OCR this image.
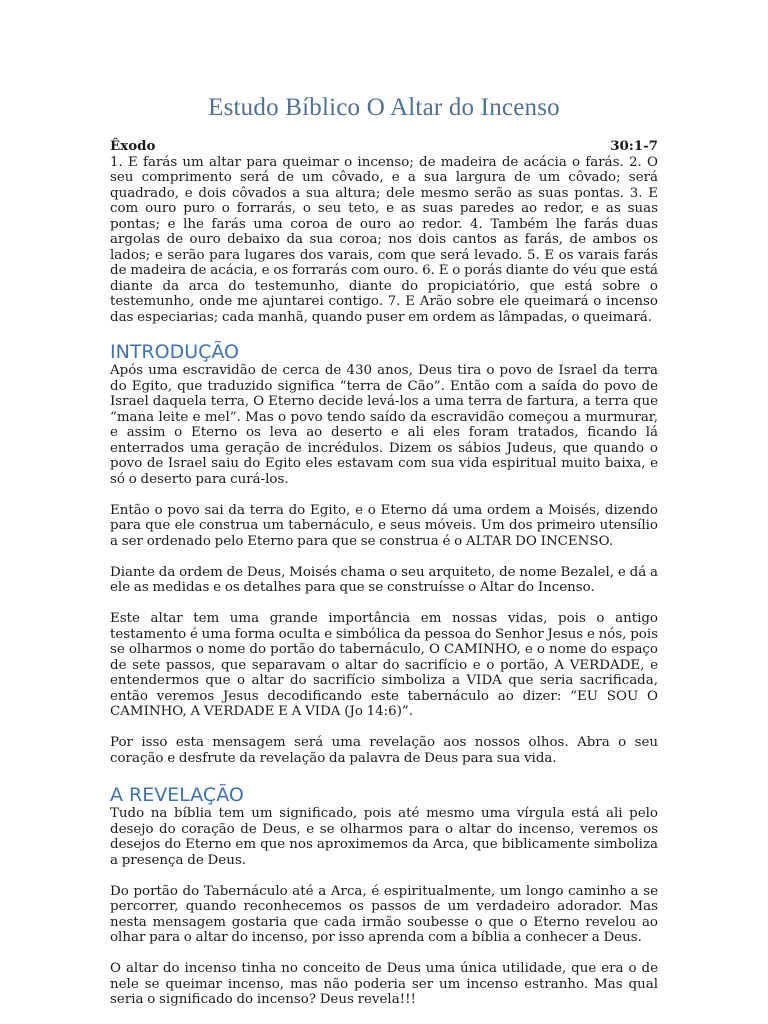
Estudo Bíblico O Altar do Incenso
Êxodo	30:1-7

1. E farás um altar para queimar o incenso; de madeira de acácia o farás. 2. O seu comprimento será de um côvado, e a sua largura de um côvado; será quadrado, e dois côvados a sua altura; dele mesmo serão as suas pontas. 3. E com ouro puro o forrarás, o seu teto, e as suas paredes ao redor, e as suas pontas; e lhe farás uma coroa de ouro ao redor. 4. Também lhe farás duas argolas de ouro debaixo da sua coroa; nos dois cantos as farás, de ambos os lados; e serão para lugares dos varais, com que será levado. 5. E os varais farás de madeira de acácia, e os forrarás com ouro. 6. E o porás diante do véu que está diante da arca do testemunho, diante do propiciatório, que está sobre o testemunho, onde me ajuntarei contigo. 7. E Arão sobre ele queimará o incenso das especiarias; cada manhã, quando puser em ordem as lâmpadas, o queimará.

INTRODUÇÃO

Após uma escravidão de cerca de 430 anos, Deus tira o povo de Israel da terra do Egito, que traduzido significa “terra de Cão”. Então com a saída do povo de Israel daquela terra, O Eterno decide levá-los a uma terra de fartura, a terra que “mana leite e mel”. Mas o povo tendo saído da escravidão começou a murmurar, e assim o Eterno os leva ao deserto e ali eles foram tratados, ficando lá enterrados uma geração de incrédulos. Dizem os sábios Judeus, que quando o povo de Israel saiu do Egito eles estavam com sua vida espiritual muito baixa, e só o deserto para curá-los.

Então o povo sai da terra do Egito, e o Eterno dá uma ordem a Moisés, dizendo para que ele construa um tabernáculo, e seus móveis. Um dos primeiro utensílio a ser ordenado pelo Eterno para que se construa é o ALTAR DO INCENSO.

Diante da ordem de Deus, Moisés chama o seu arquiteto, de nome Bezalel, e dá a ele as medidas e os detalhes para que se construísse o Altar do Incenso.

Este altar tem uma grande importância em nossas vidas, pois o antigo testamento é uma forma oculta e simbólica da pessoa do Senhor Jesus e nós, pois se olharmos o nome do portão do tabernáculo, O CAMINHO, e o nome do espaço de sete passos, que separavam o altar do sacrifício e o portão, A VERDADE, e entendermos que o altar do sacrifício simboliza a VIDA que seria sacrificada, então veremos Jesus decodificando este tabernáculo ao dizer: “EU SOU O CAMINHO, A VERDADE E A VIDA (Jo 14:6)”.

Por isso esta mensagem será uma revelação aos nossos olhos. Abra o seu coração e desfrute da revelação da palavra de Deus para sua vida.

A REVELAÇÃO

Tudo na bíblia tem um significado, pois até mesmo uma vírgula está ali pelo desejo do coração de Deus, e se olharmos para o altar do incenso, veremos os desejos do Eterno em que nos aproximemos da Arca, que biblicamente simboliza a presença de Deus.

Do portão do Tabernáculo até a Arca, é espiritualmente, um longo caminho a se percorrer, quando reconhecemos os passos de um verdadeiro adorador. Mas nesta mensagem gostaria que cada irmão soubesse o que o Eterno revelou ao olhar para o altar do incenso, por isso aprenda com a bíblia a conhecer a Deus.

O altar do incenso tinha no conceito de Deus uma única utilidade, que era o de nele se queimar incenso, mas não poderia ser um incenso estranho. Mas qual seria o significado do incenso? Deus revela!!!
